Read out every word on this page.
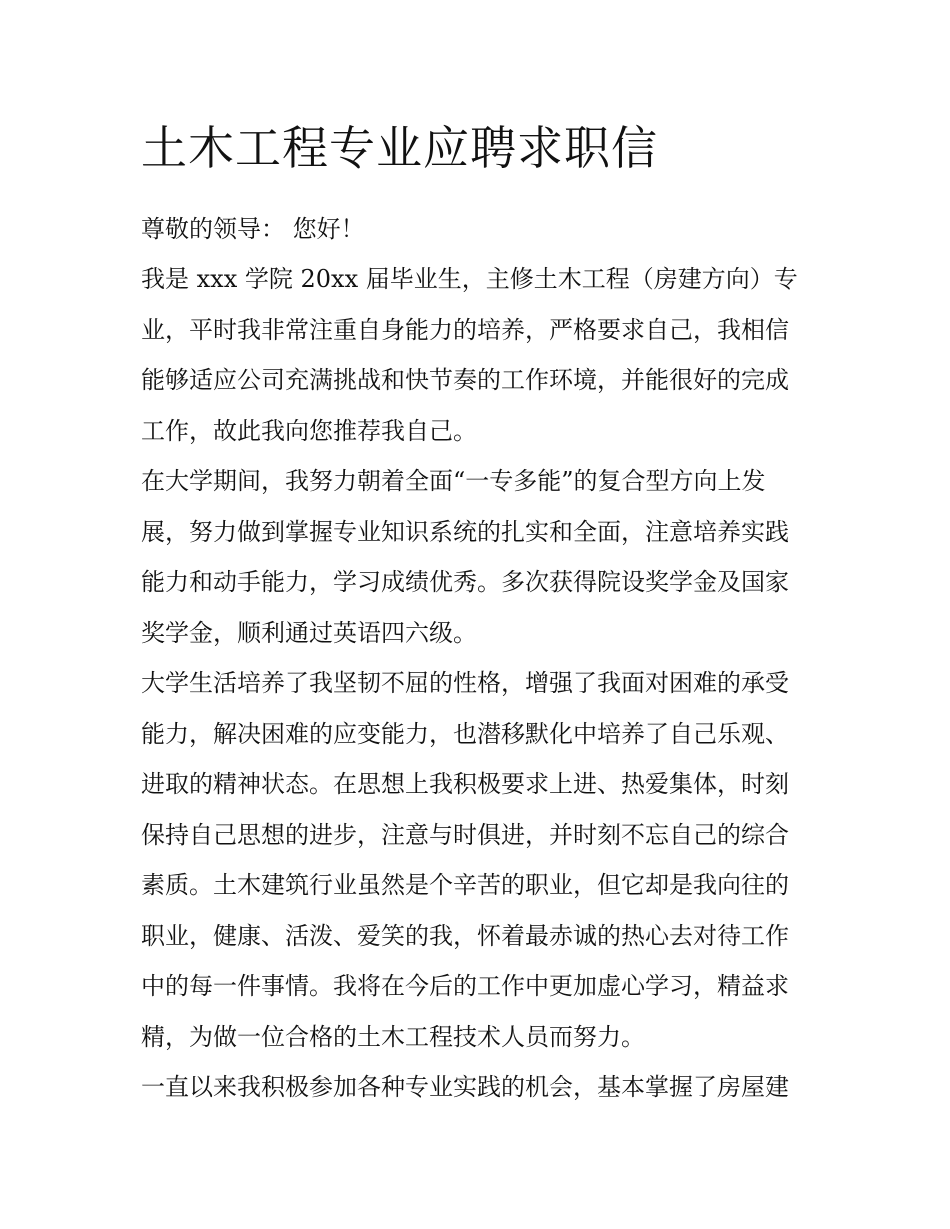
土木工程专业应聘求职信

尊敬的领导： 您好！

我是 xxx 学院 20xx 届毕业生，主修土木工程（房建方向）专
业，平时我非常注重自身能力的培养，严格要求自己，我相信
能够适应公司充满挑战和快节奏的工作环境，并能很好的完成
工作，故此我向您推荐我自己。

在大学期间，我努力朝着全面“一专多能”的复合型方向上发
展，努力做到掌握专业知识系统的扎实和全面，注意培养实践
能力和动手能力，学习成绩优秀。多次获得院设奖学金及国家
奖学金，顺利通过英语四六级。

大学生活培养了我坚韧不屈的性格，增强了我面对困难的承受
能力，解决困难的应变能力，也潜移默化中培养了自己乐观、
进取的精神状态。在思想上我积极要求上进、热爱集体，时刻
保持自己思想的进步，注意与时俱进，并时刻不忘自己的综合
素质。土木建筑行业虽然是个辛苦的职业，但它却是我向往的
职业，健康、活泼、爱笑的我，怀着最赤诚的热心去对待工作
中的每一件事情。我将在今后的工作中更加虚心学习，精益求
精，为做一位合格的土木工程技术人员而努力。

一直以来我积极参加各种专业实践的机会，基本掌握了房屋建
